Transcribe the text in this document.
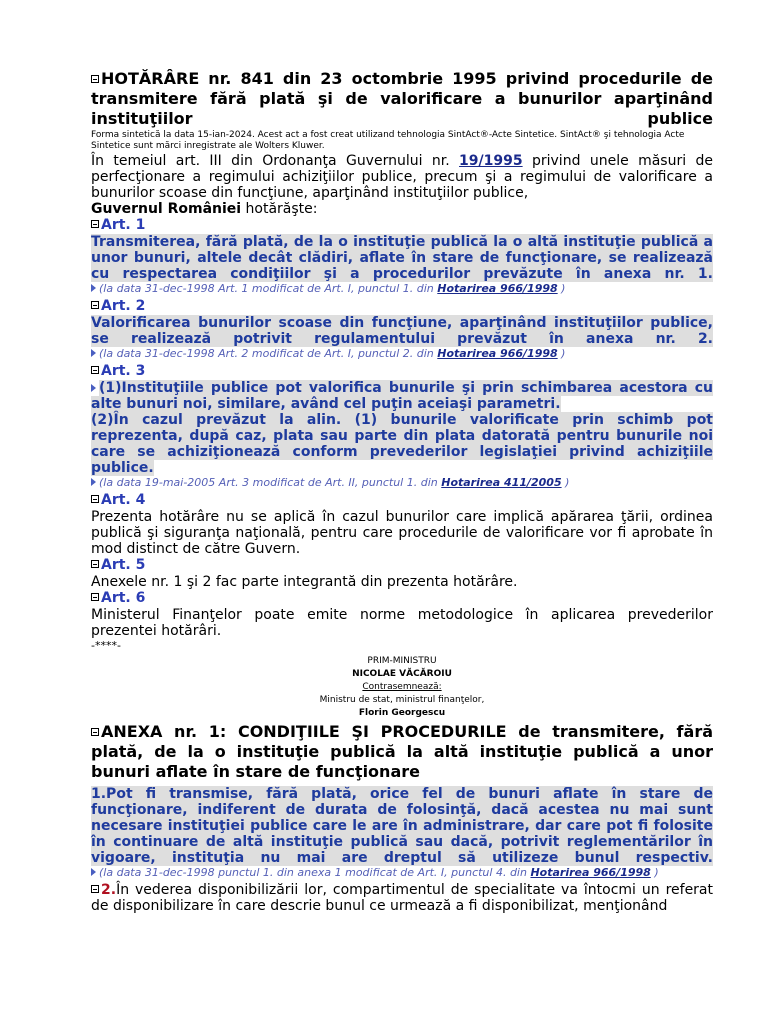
HOTĂRÂRE nr. 841 din 23 octombrie 1995 privind procedurile de transmitere fără plată şi de valorificare a bunurilor aparţinând instituţiilor publice

Forma sintetică la data 15-ian-2024. Acest act a fost creat utilizand tehnologia SintAct®-Acte Sintetice. SintAct® şi tehnologia Acte Sintetice sunt mărci inregistrate ale Wolters Kluwer.

În temeiul art. III din Ordonanţa Guvernului nr. 19/1995 privind unele măsuri de perfecţionare a regimului achiziţiilor publice, precum şi a regimului de valorificare a bunurilor scoase din funcţiune, aparţinând instituţiilor publice,

Guvernul României hotărăşte:

Art. 1

Transmiterea, fără plată, de la o instituţie publică la o altă instituţie publică a unor bunuri, altele decât clădiri, aflate în stare de funcţionare, se realizează cu respectarea condiţiilor şi a procedurilor prevăzute în anexa nr. 1.

(la data 31-dec-1998 Art. 1 modificat de Art. I, punctul 1. din Hotarirea 966/1998 )

Art. 2

Valorificarea bunurilor scoase din funcţiune, aparţinând instituţiilor publice, se realizează potrivit regulamentului prevăzut în anexa nr. 2.

(la data 31-dec-1998 Art. 2 modificat de Art. I, punctul 2. din Hotarirea 966/1998 )

Art. 3

(1)Instituţiile publice pot valorifica bunurile şi prin schimbarea acestora cu alte bunuri noi, similare, având cel puţin aceiaşi parametri.

(2)În cazul prevăzut la alin. (1) bunurile valorificate prin schimb pot reprezenta, după caz, plata sau parte din plata datorată pentru bunurile noi care se achiziţionează conform prevederilor legislaţiei privind achiziţiile publice.

(la data 19-mai-2005 Art. 3 modificat de Art. II, punctul 1. din Hotarirea 411/2005 )

Art. 4

Prezenta hotărâre nu se aplică în cazul bunurilor care implică apărarea ţării, ordinea publică şi siguranţa naţională, pentru care procedurile de valorificare vor fi aprobate în mod distinct de către Guvern.

Art. 5

Anexele nr. 1 şi 2 fac parte integrantă din prezenta hotărâre.

Art. 6

Ministerul Finanţelor poate emite norme metodologice în aplicarea prevederilor prezentei hotărâri.

-****-

PRIM-MINISTRU

NICOLAE VĂCĂROIU

Contrasemnează:

Ministru de stat, ministrul finanţelor,

Florin Georgescu

ANEXA nr. 1: CONDIŢIILE ŞI PROCEDURILE de transmitere, fără plată, de la o instituţie publică la altă instituţie publică a unor bunuri aflate în stare de funcţionare

1.Pot fi transmise, fără plată, orice fel de bunuri aflate în stare de funcţionare, indiferent de durata de folosinţă, dacă acestea nu mai sunt necesare instituţiei publice care le are în administrare, dar care pot fi folosite în continuare de altă instituţie publică sau dacă, potrivit reglementărilor în vigoare, instituţia nu mai are dreptul să utilizeze bunul respectiv.

(la data 31-dec-1998 punctul 1. din anexa 1 modificat de Art. I, punctul 4. din Hotarirea 966/1998 )

2.În vederea disponibilizării lor, compartimentul de specialitate va întocmi un referat de disponibilizare în care descrie bunul ce urmează a fi disponibilizat, menţionând
